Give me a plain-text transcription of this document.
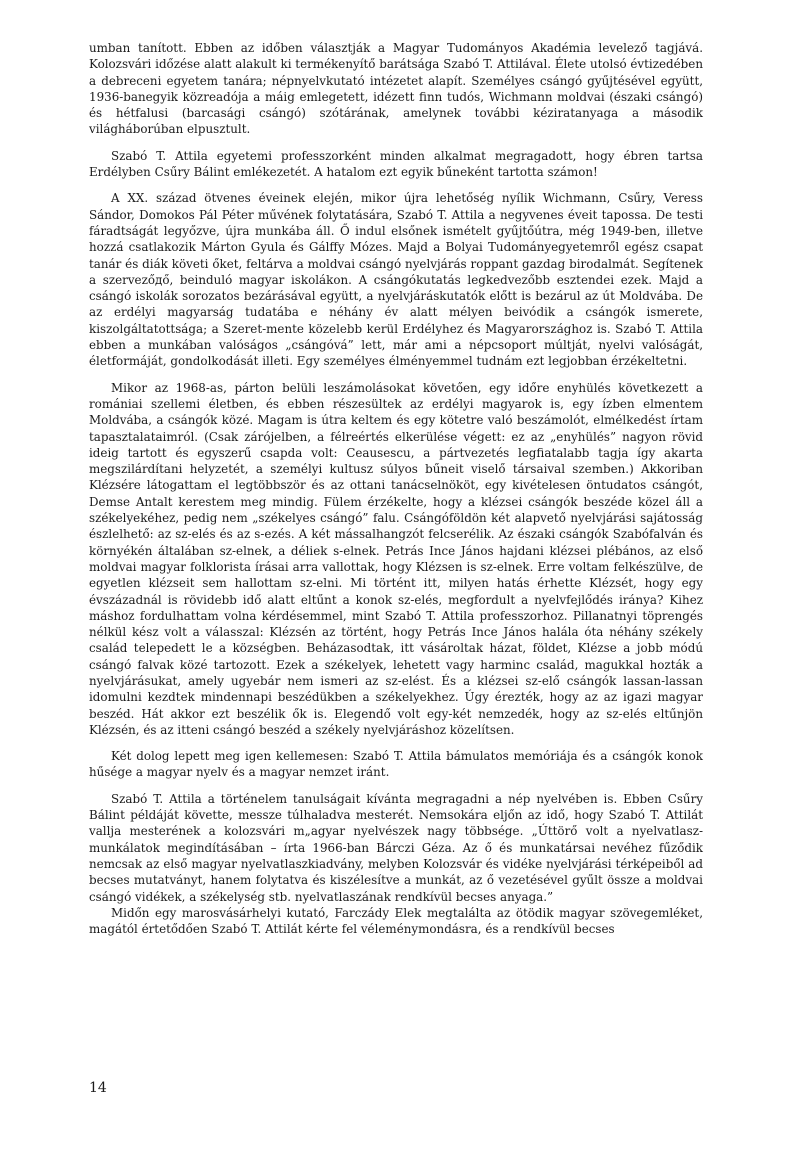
umban tanított. Ebben az időben választják a Magyar Tudományos Akadémia levelező tagjává. Kolozsvári időzése alatt alakult ki termékenyítő barátsága Szabó T. Attilával. Élete utolsó évtizedében a debreceni egyetem tanára; népnyelvkutató intézetet alapít. Személyes csángó gyűjtésével együtt, 1936-banegyik közreadója a máig emlegetett, idézett finn tudós, Wichmann moldvai (északi csángó) és hétfalusi (barcasági csángó) szótárának, amelynek további kéziratanyaga a második világháborúban elpusztult.

Szabó T. Attila egyetemi professzorként minden alkalmat megragadott, hogy ébren tartsa Erdélyben Csűry Bálint emlékezetét. A hatalom ezt egyik bűneként tartotta számon!

A XX. század ötvenes éveinek elején, mikor újra lehetőség nyílik Wichmann, Csűry, Veress Sándor, Domokos Pál Péter művének folytatására, Szabó T. Attila a negyvenes éveit tapossa. De testi fáradtságát legyőzve, újra munkába áll. Ő indul elsőnek ismételt gyűjtőútra, még 1949-ben, illetve hozzá csatlakozik Márton Gyula és Gálffy Mózes. Majd a Bolyai Tudományegyetemről egész csapat tanár és diák követi őket, feltárva a moldvai csángó nyelvjárás roppant gazdag birodalmát. Segítenek a szervezőдő, beinduló magyar iskolákon. A csángókutatás legkedvezőbb esztendei ezek. Majd a csángó iskolák sorozatos bezárásával együtt, a nyelvjáráskutatók előtt is bezárul az út Moldvába. De az erdélyi magyarság tudatába e néhány év alatt mélyen beivódik a csángók ismerete, kiszolgáltatottsága; a Szeret-mente közеlebb kerül Erdélyhez és Magyarországhoz is. Szabó T. Attila ebben a munkában valóságos „csángóvá” lett, már ami a népcsoport múltját, nyelvi valóságát, életformáját, gondolkodását illeti. Egy személyes élményemmel tudnám ezt legjobban érzékeltetni.

Mikor az 1968-as, párton belüli leszámolásokat követően, egy időre enyhülés következett a romániai szellemi életben, és ebben részesültek az erdélyi magyarok is, egy ízben elmentem Moldvába, a csángók közé. Magam is útra keltem és egy kötetre való beszámolót, elmélkedést írtam tapasztalataimról. (Csak zárójelben, a félreértés elkerülése végett: ez az „enyhülés” nagyon rövid ideig tartott és egyszerű csapda volt: Ceausescu, a pártvezetés legfiatalabb tagja így akarta megszilárdítani helyzetét, a személyi kultusz súlyos bűneit viselő társaival szemben.) Akkoriban Klézsére látogattam el legtöbbször és az ottani tanácselnököt, egy kivételesen öntudatos csángót, Demse Antalt kerestem meg mindig. Fülem érzékelte, hogy a klézsei csángók beszéde közel áll a székelyekéhez, pedig nem „székelyes csángó” falu. Csángóföldön két alapvető nyelvjárási sajátosság észlelhető: az sz-elés és az s-ezés. A két mássalhangzót felcserélik. Az északi csángók Szabófalván és környékén általában sz-elnek, a déliek s-elnek. Petrás Ince János hajdani klézsei plébános, az első moldvai magyar folklorista írásai arra vallottak, hogy Klézsen is sz-elnek. Erre voltam felkészülve, de egyetlen klézseit sem hallottam sz-elni. Mi történt itt, milyen hatás érhette Klézsét, hogy egy évszázadnál is rövidebb idő alatt eltűnt a konok sz-elés, megfordult a nyelvfejlődés iránya? Kihez máshoz fordulhattam volna kérdésemmel, mint Szabó T. Attila professzorhoz. Pillanatnyi töprengés nélkül kész volt a válasszal: Klézsén az történt, hogy Petrás Ince János halála óta néhány székely család telepedett le a községben. Beházasodtak, itt vásároltak házat, földet, Klézse a jobb módú csángó falvak közé tartozott. Ezek a székelyek, lehetett vagy harminc család, magukkal hozták a nyelvjárásukat, amely ugyebár nem ismeri az sz-elést. És a klézsei sz-elő csángók lassan-lassan idomulni kezdtek mindennapi beszédükben a székelyekhez. Úgy érezték, hogy az az igazi magyar beszéd. Hát akkor ezt beszélik ők is. Elegendő volt egy-két nemzedék, hogy az sz-elés eltűnjön Klézsén, és az itteni csángó beszéd a székely nyelvjáráshoz közelítsen.

Két dolog lepett meg igen kellemesen: Szabó T. Attila bámulatos memóriája és a csángók konok hűsége a magyar nyelv és a magyar nemzet iránt.

Szabó T. Attila a történelem tanulságait kívánta megragadni a nép nyelvében is. Ebben Csűry Bálint példáját követte, messze túlhaladva mesterét. Nemsokára eljőn az idő, hogy Szabó T. Attilát vallja mesterének a kolozsvári m„agyar nyelvészek nagy többsége. „Úttörő volt a nyelvatlasz-munkálatok megindításában – írta 1966-ban Bárczi Géza. Az ő és munkatársai nevéhez fűződik nemcsak az első magyar nyelvatlaszkiadvány, melyben Kolozsvár és vidéke nyelvjárási térképeiből ad becses mutatványt, hanem folytatva és kiszélesítve a munkát, az ő vezetésével gyűlt össze a moldvai csángó vidékek, a székelység stb. nyelvatlaszának rendkívül becses anyaga.”

Midőn egy marosvásárhelyi kutató, Farczády Elek megtalálta az ötödik magyar szövegemléket, magától értetődően Szabó T. Attilát kérte fel véleménymondásra, és a rendkívül becses

14
